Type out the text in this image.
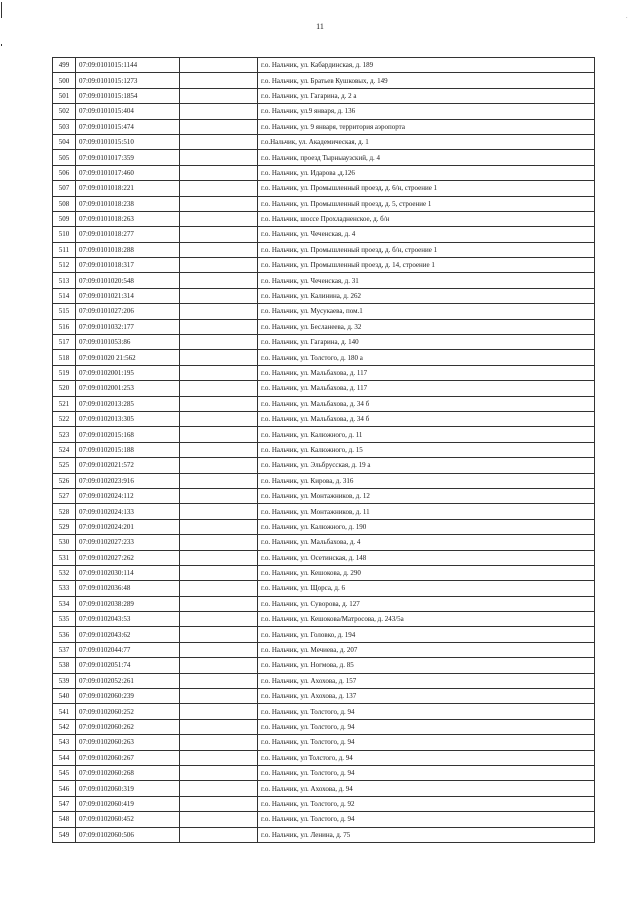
·
11
499	07:09:0101015:1144		г.о. Нальчик, ул. Кабардинская, д. 189
500	07:09:0101015:1273		г.о. Нальчик, ул. Братьев Кушковых, д. 149
501	07:09:0101015:1854		г.о. Нальчик, ул. Гагарина, д. 2 а
502	07:09:0101015:404		г.о. Нальчик, ул.9 января, д. 136
503	07:09:0101015:474		г.о. Нальчик, ул. 9 января, территория аэропорта
504	07:09:0101015:510		г.о.Нальчик, ул. Академическая, д. 1
505	07:09:0101017:359		г.о. Нальчик, проезд Тырныаузский, д. 4
506	07:09:0101017:460		г.о. Нальчик, ул. Идарова ,д.126
507	07:09:0101018:221		г.о. Нальчик, ул. Промышленный проезд, д. 6/н, строение 1
508	07:09:0101018:238		г.о. Нальчик, ул. Промышленный проезд, д. 5, строение 1
509	07:09:0101018:263		г.о. Нальчик, шоссе Прохладненское, д. б/н
510	07:09:0101018:277		г.о. Нальчик, ул. Чеченская, д. 4
511	07:09:0101018:288		г.о. Нальчик, ул. Промышленный проезд, д. б/н, строение 1
512	07:09:0101018:317		г.о. Нальчик, ул. Промышленный проезд, д. 14, строение 1
513	07:09:0101020:548		г.о. Нальчик, ул. Чеченская, д. 31
514	07:09:0101021:314		г.о. Нальчик, ул. Калинина, д. 262
515	07:09:0101027:206		г.о. Нальчик, ул. Мусукаева, пом.1
516	07:09:0101032:177		г.о. Нальчик, ул. Бесланеева, д. 32
517	07:09:0101053:86		г.о. Нальчик, ул. Гагарина, д. 140
518	07:09:01020 21:562		г.о. Нальчик, ул. Толстого, д. 180 а
519	07:09:0102001:195		г.о. Нальчик, ул. Мальбахова, д. 117
520	07:09:0102001:253		г.о. Нальчик, ул. Мальбахова, д. 117
521	07:09:0102013:285		г.о. Нальчик, ул. Мальбахова, д. 34 б
522	07:09:0102013:305		г.о. Нальчик, ул. Мальбахова, д. 34 б
523	07:09:0102015:168		г.о. Нальчик, ул. Калюжного, д. 11
524	07:09:0102015:188		г.о. Нальчик, ул. Калюжного, д. 15
525	07:09:0102021:572		г.о. Нальчик, ул. Эльбрусская, д. 19 а
526	07:09:0102023:916		г.о. Нальчик, ул. Кирова, д. 316
527	07:09:0102024:112		г.о. Нальчик, ул. Монтажников, д. 12
528	07:09:0102024:133		г.о. Нальчик, ул. Монтажников, д. 11
529	07:09:0102024:201		г.о. Нальчик, ул. Калюжного, д. 190
530	07:09:0102027:233		г.о. Нальчик, ул. Мальбахова, д. 4
531	07:09:0102027:262		г.о. Нальчик, ул. Осетинская, д. 148
532	07:09:0102030:114		г.о. Нальчик, ул. Кешокова, д. 290
533	07:09:0102036:48		г.о. Нальчик, ул. Щорса, д. 6
534	07:09:0102038:289		г.о. Нальчик, ул. Суворова, д. 127
535	07:09:0102043:53		г.о. Нальчик, ул. Кешокова/Матросова, д. 243/5а
536	07:09:0102043:62		г.о. Нальчик, ул. Головко, д. 194
537	07:09:0102044:77		г.о. Нальчик, ул. Мечиева, д. 207
538	07:09:0102051:74		г.о. Нальчик, ул. Ногмова, д. 85
539	07:09:0102052:261		г.о. Нальчик, ул. Ахохова, д. 157
540	07:09:0102060:239		г.о. Нальчик, ул. Ахохова, д. 137
541	07:09:0102060:252		г.о. Нальчик, ул. Толстого, д. 94
542	07:09:0102060:262		г.о. Нальчик, ул. Толстого, д. 94
543	07:09:0102060:263		г.о. Нальчик, ул. Толстого, д. 94
544	07:09:0102060:267		г.о. Нальчик, ул Толстого, д. 94
545	07:09:0102060:268		г.о. Нальчик, ул. Толстого, д. 94
546	07:09:0102060:319		г.о. Нальчик, ул. Ахохова, д. 94
547	07:09:0102060:419		г.о. Нальчик, ул. Толстого, д. 92
548	07:09:0102060:452		г.о. Нальчик, ул. Толстого, д. 94
549	07:09:0102060:506		г.о. Нальчик, ул. Ленина, д. 75
